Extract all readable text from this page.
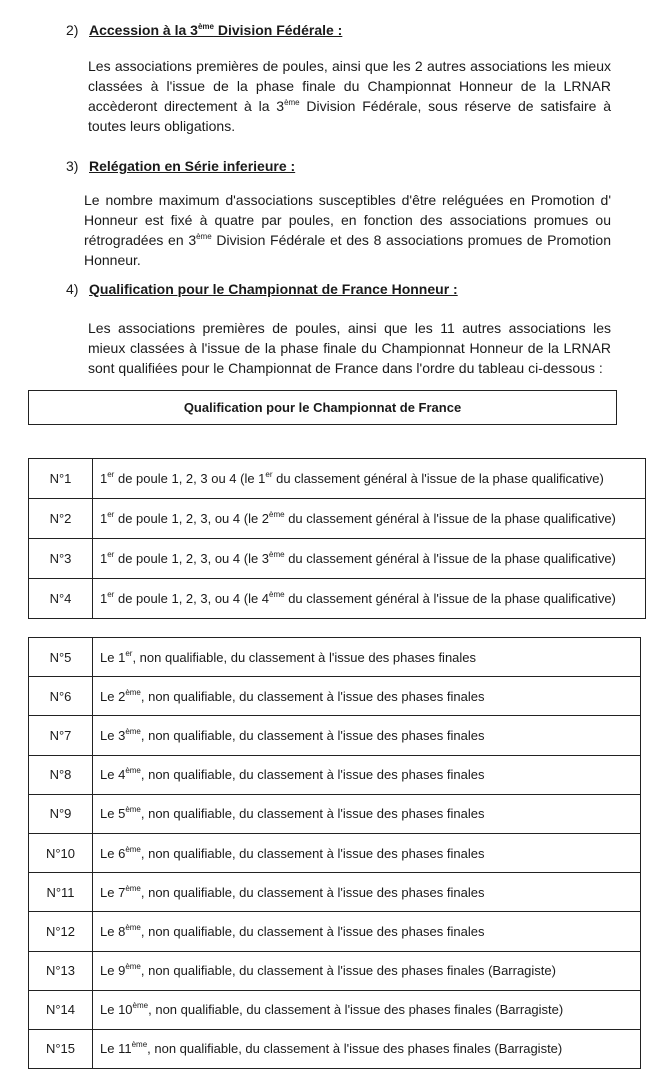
2) Accession à la 3ème Division Fédérale :
Les associations premières de poules, ainsi que les 2 autres associations les mieux classées à l'issue de la phase finale du Championnat Honneur de la LRNAR accèderont directement à la 3ème Division Fédérale, sous réserve de satisfaire à toutes leurs obligations.
3) Relégation en Série inferieure :
Le nombre maximum d'associations susceptibles d'être reléguées en Promotion d' Honneur est fixé à quatre par poules, en fonction des associations promues ou rétrogradées en 3ème Division Fédérale et des 8 associations promues de Promotion Honneur.
4) Qualification pour le Championnat de France Honneur :
Les associations premières de poules, ainsi que les 11 autres associations les mieux classées à l'issue de la phase finale du Championnat Honneur de la LRNAR sont qualifiées pour le Championnat de France dans l'ordre du tableau ci-dessous :
Qualification pour le Championnat de France
N°1	1er de poule 1, 2, 3 ou 4 (le 1er du classement général à l'issue de la phase qualificative)
N°2	1er de poule 1, 2, 3, ou 4 (le 2ème du classement général à l'issue de la phase qualificative)
N°3	1er de poule 1, 2, 3, ou 4 (le 3ème du classement général à l'issue de la phase qualificative)
N°4	1er de poule 1, 2, 3, ou 4 (le 4ème du classement général à l'issue de la phase qualificative)
N°5	Le 1er, non qualifiable, du classement à l'issue des phases finales
N°6	Le 2ème, non qualifiable, du classement à l'issue des phases finales
N°7	Le 3ème, non qualifiable, du classement à l'issue des phases finales
N°8	Le 4ème, non qualifiable, du classement à l'issue des phases finales
N°9	Le 5ème, non qualifiable, du classement à l'issue des phases finales
N°10	Le 6ème, non qualifiable, du classement à l'issue des phases finales
N°11	Le 7ème, non qualifiable, du classement à l'issue des phases finales
N°12	Le 8ème, non qualifiable, du classement à l'issue des phases finales
N°13	Le 9ème, non qualifiable, du classement à l'issue des phases finales (Barragiste)
N°14	Le 10ème, non qualifiable, du classement à l'issue des phases finales (Barragiste)
N°15	Le 11ème, non qualifiable, du classement à l'issue des phases finales (Barragiste)
